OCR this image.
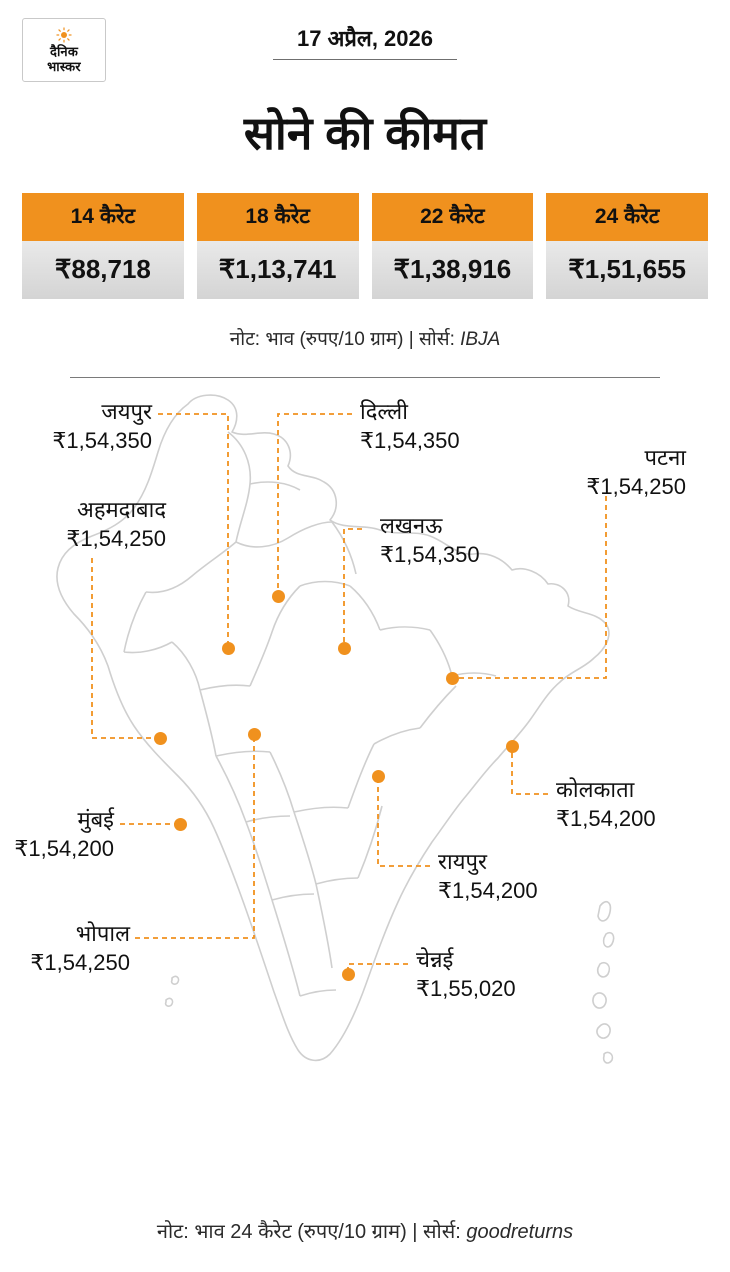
दैनिक
भास्कर
17 अप्रैल, 2026
सोने की कीमत
14 कैरेट
₹88,718
18 कैरेट
₹1,13,741
22 कैरेट
₹1,38,916
24 कैरेट
₹1,51,655
नोट: भाव (रुपए/10 ग्राम) | सोर्स: IBJA
जयपुर
₹1,54,350
दिल्ली
₹1,54,350
पटना
₹1,54,250
अहमदाबाद
₹1,54,250	लखनऊ
₹1,54,350
मुंबई
₹1,54,200
कोलकाता
₹1,54,200
रायपुर
₹1,54,200
भोपाल
₹1,54,250	चेन्नई
₹1,55,020
नोट: भाव 24 कैरेट (रुपए/10 ग्राम) | सोर्स: goodreturns
